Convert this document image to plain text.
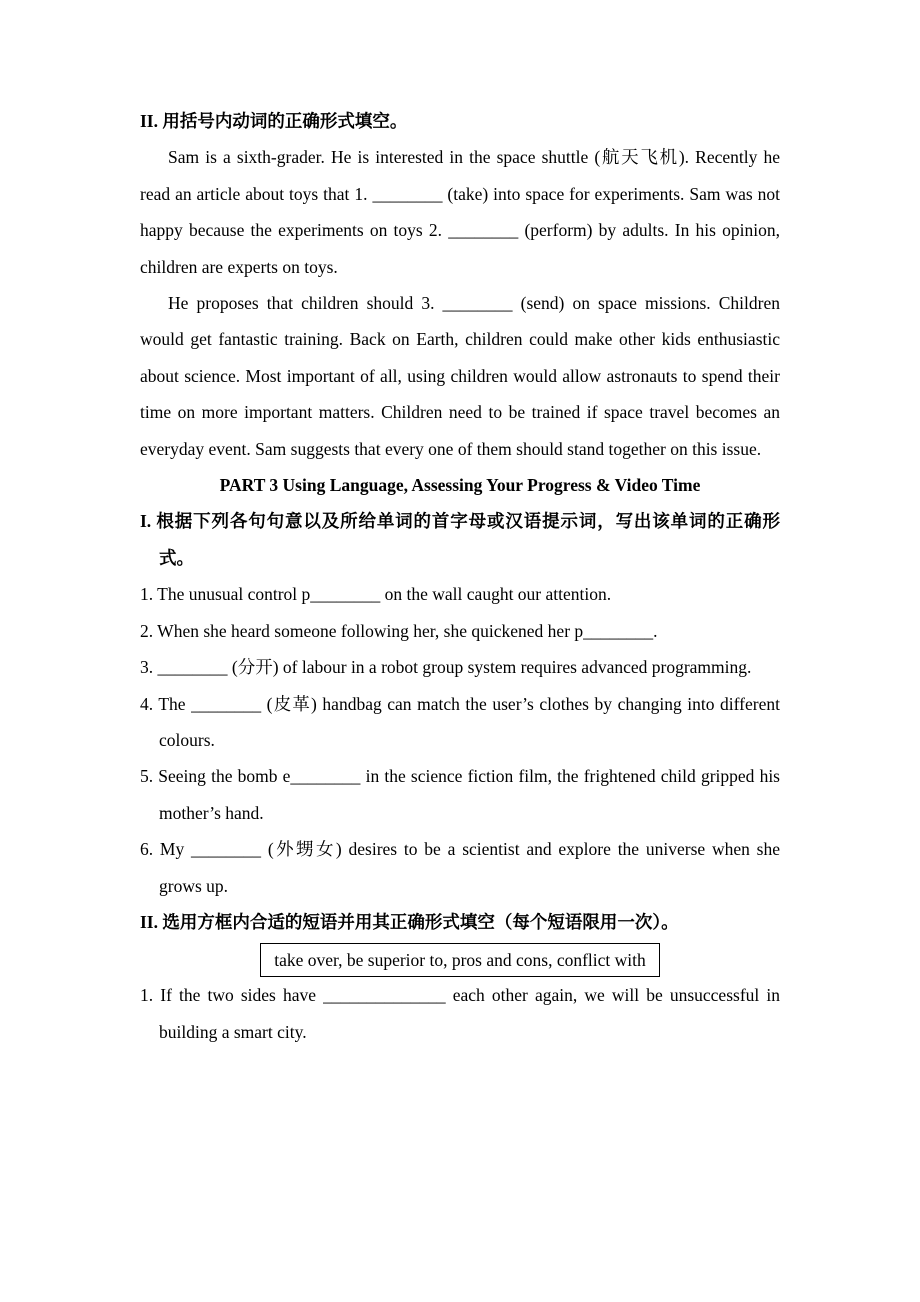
II. 用括号内动词的正确形式填空。

Sam is a sixth-grader. He is interested in the space shuttle (航天飞机). Recently he read an article about toys that 1. ________ (take) into space for experiments. Sam was not happy because the experiments on toys 2. ________ (perform) by adults. In his opinion, children are experts on toys.

He proposes that children should 3. ________ (send) on space missions. Children would get fantastic training. Back on Earth, children could make other kids enthusiastic about science. Most important of all, using children would allow astronauts to spend their time on more important matters. Children need to be trained if space travel becomes an everyday event. Sam suggests that every one of them should stand together on this issue.

PART 3 Using Language, Assessing Your Progress & Video Time
I. 根据下列各句句意以及所给单词的首字母或汉语提示词，写出该单词的正确形式。
1. The unusual control p________ on the wall caught our attention.
2. When she heard someone following her, she quickened her p________.
3. ________ (分开) of labour in a robot group system requires advanced programming.
4. The ________ (皮革) handbag can match the user’s clothes by changing into different colours.
5. Seeing the bomb e________ in the science fiction film, the frightened child gripped his mother’s hand.
6. My ________ (外甥女) desires to be a scientist and explore the universe when she grows up.
II. 选用方框内合适的短语并用其正确形式填空（每个短语限用一次）。
take over, be superior to, pros and cons, conflict with
1. If the two sides have ______________ each other again, we will be unsuccessful in building a smart city.
